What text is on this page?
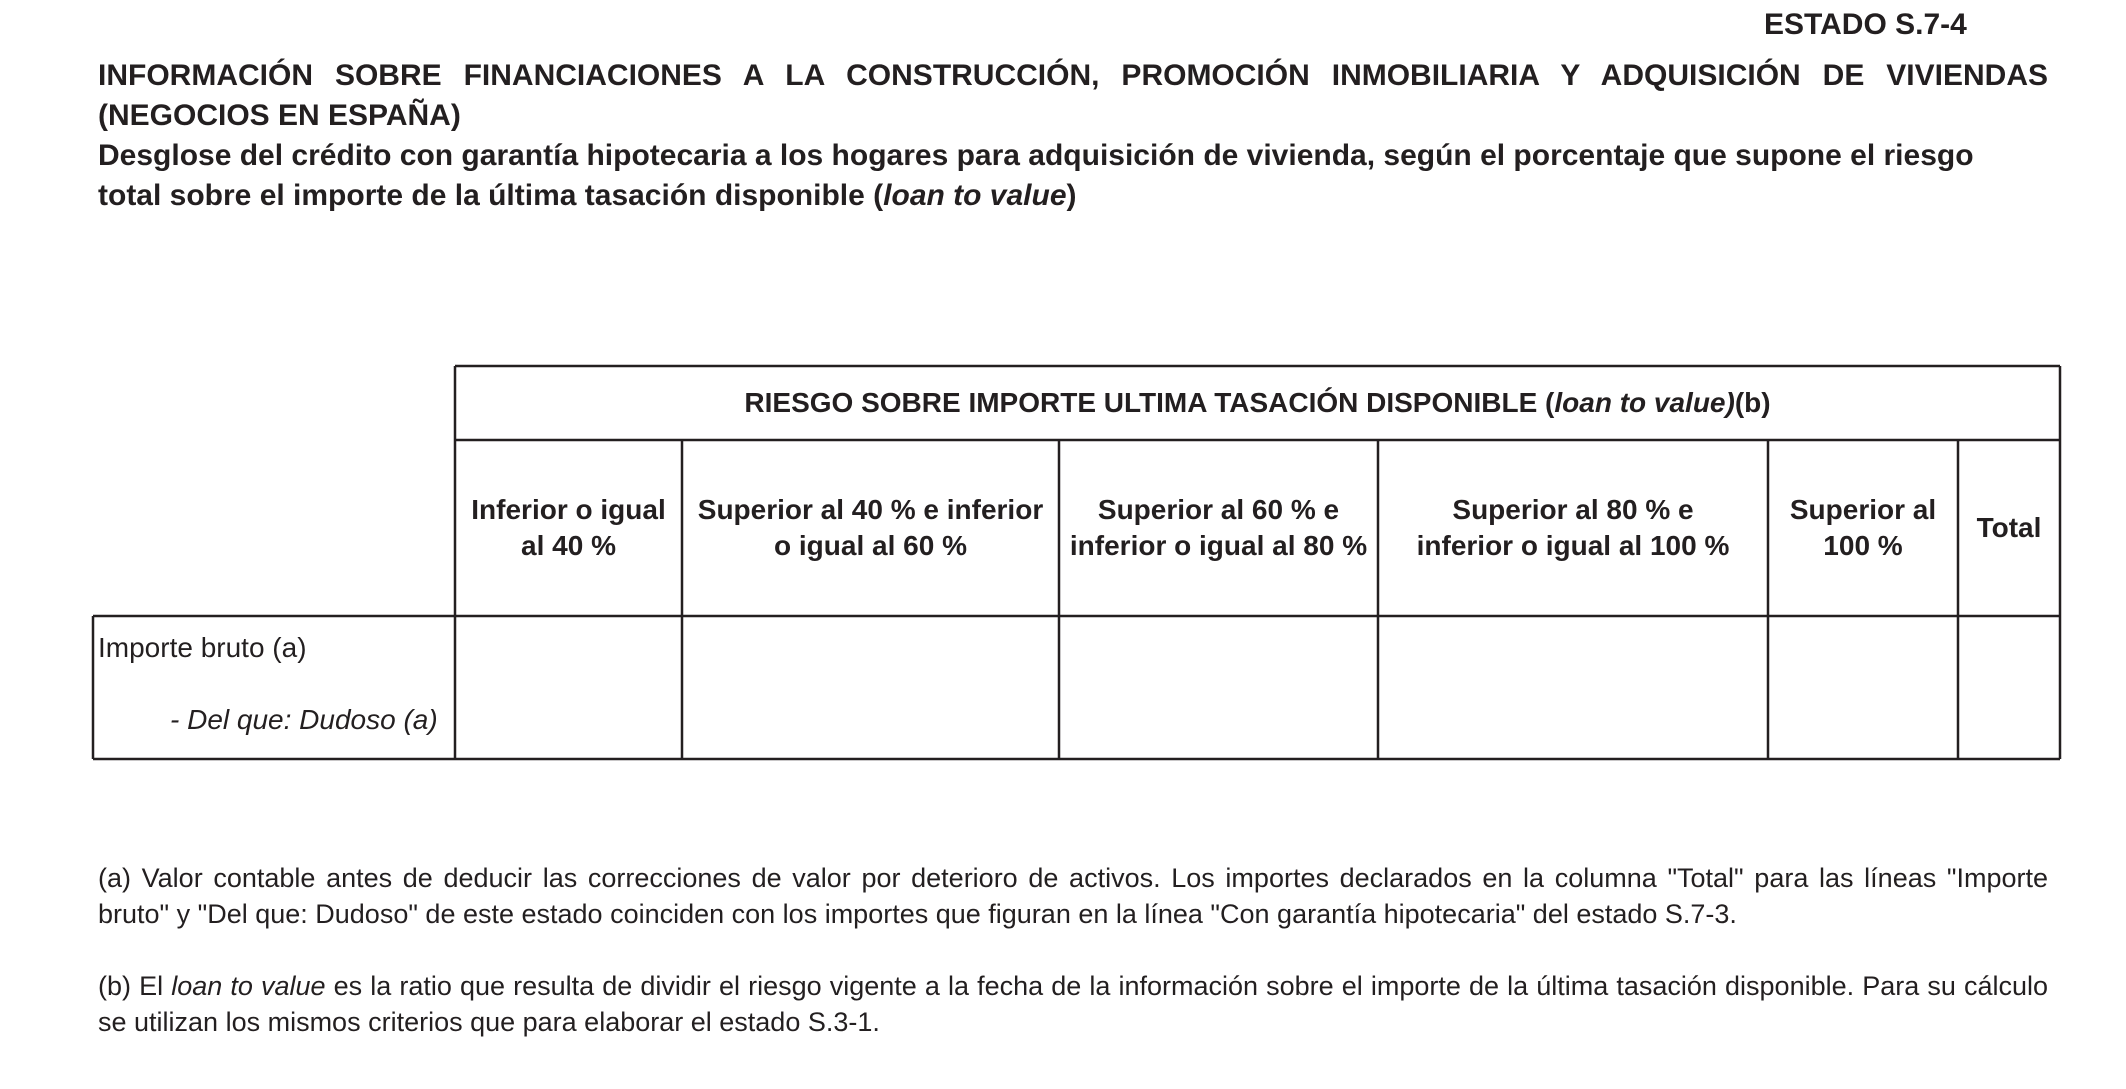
ESTADO S.7-4
INFORMACIÓN SOBRE FINANCIACIONES A LA CONSTRUCCIÓN, PROMOCIÓN INMOBILIARIA Y ADQUISICIÓN DE VIVIENDAS (NEGOCIOS EN ESPAÑA)
Desglose del crédito con garantía hipotecaria a los hogares para adquisición de vivienda, según el porcentaje que supone el riesgo
total sobre el importe de la última tasación disponible (loan to value)
RIESGO SOBRE IMPORTE ULTIMA TASACIÓN DISPONIBLE ( loan to value) (b)
Inferior o igual al 40 %
Superior al 40 % e inferior o igual al 60 %
Superior al 60 % e inferior o igual al 80 %
Superior al 80 % e inferior o igual al 100 %
Superior al 100 %
Total
Importe bruto (a)
- Del que: Dudoso (a)
(a) Valor contable antes de deducir las correcciones de valor por deterioro de activos. Los importes declarados en la columna "Total" para las líneas "Importe bruto" y "Del que: Dudoso" de este estado coinciden con los importes que figuran en la línea "Con garantía hipotecaria" del estado S.7-3.
(b) El loan to value es la ratio que resulta de dividir el riesgo vigente a la fecha de la información sobre el importe de la última tasación disponible. Para su cálculo se utilizan los mismos criterios que para elaborar el estado S.3-1.
